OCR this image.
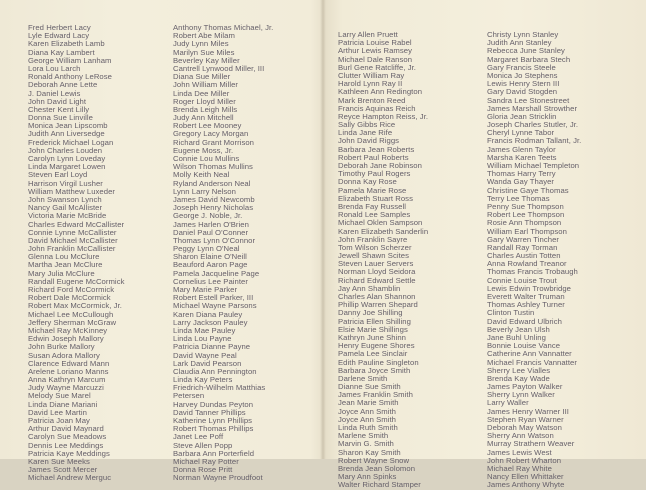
Fred Herbert Lacy
Lyle Edward Lacy
Karen Elizabeth Lamb
Diana Kay Lambert
George William Lanham
Lora Lou Larch
Ronald Anthony LeRose
Deborah Anne Lette
J. Daniel Lewis
John David Light
Chester Kent Lilly
Donna Sue Linville
Monica Jean Lipscomb
Judith Ann Liversedge
Frederick Michael Logan
John Charles Louden
Carolyn Lynn Loveday
Linda Margaret Lowen
Steven Earl Loyd
Harrison Virgil Lusher
William Matthew Luxeder
John Swanson Lynch
Nancy Gail McAllister
Victoria Marie McBride
Charles Edward McCallister
Connie Lynne McCallister
David Michael McCallister
John Franklin McCallister
Glenna Lou McClure
Martha Jean McClure
Mary Julia McClure
Randall Eugene McCormick
Richard Ford McCormick
Robert Dale McCormick
Robert Max McCormick, Jr.
Michael Lee McCullough
Jeffery Sherman McGraw
Michael Ray McKinney
Edwin Joseph Mallory
John Burke Mallory
Susan Adora Mallory
Clarence Edward Mann
Arelene Loriano Manns
Anna Kathryn Marcum
Judy Wayne Marcuzzi
Melody Sue Marel
Linda Diane Mariani
David Lee Martin
Patricia Joan May
Arthur David Maynard
Carolyn Sue Meadows
Dennis Lee Meddings
Patricia Kaye Meddings
Karen Sue Meeks
James Scott Mercer
Michael Andrew Merguc
Anthony Thomas Michael, Jr.
Robert Abe Milam
Judy Lynn Miles
Marilyn Sue Miles
Beverley Kay Miller
Cantrell Lynwood Miller, III
Diana Sue Miller
John William Miller
Linda Dee Miller
Roger Lloyd Miller
Brenda Leigh Mills
Judy Ann Mitchell
Robert Lee Mooney
Gregory Lacy Morgan
Richard Grant Morrison
Eugene Moss, Jr.
Connie Lou Mullins
Wilson Thomas Mullins
Molly Keith Neal
Ryland Anderson Neal
Lynn Larry Nelson
James David Newcomb
Joseph Henry Nicholas
George J. Noble, Jr.
James Harlen O'Brien
Daniel Paul O'Conner
Thomas Lynn O'Connor
Peggy Lynn O'Neal
Sharon Elaine O'Neill
Beauford Aaron Page
Pamela Jacqueline Page
Cornelius Lee Painter
Mary Marie Parker
Robert Estell Parker, III
Michael Wayne Parsons
Karen Diana Pauley
Larry Jackson Pauley
Linda Mae Pauley
Linda Lou Payne
Patricia Dianne Payne
David Wayne Peal
Lark David Pearson
Claudia Ann Pennington
Linda Kay Peters
Friedrich-Wilhelm Matthias
Petersen
Harvey Dundas Peyton
David Tanner Phillips
Katherine Lynn Phillips
Robert Thomas Phillips
Janet Lee Poff
Steve Allen Popp
Barbara Ann Porterfield
Michael Ray Potter
Donna Rose Pritt
Norman Wayne Proudfoot
Larry Allen Pruett
Patricia Louise Rabel
Arthur Lewis Ramsey
Michael Dale Ranson
Burl Gene Ratcliffe, Jr.
Clutter William Ray
Harold Lynn Ray II
Kathleen Ann Redington
Mark Brenton Reed
Francis Aquinas Reich
Reyce Hampton Reiss, Jr.
Sally Gibbs Rice
Linda Jane Rife
John David Riggs
Barbara Jean Roberts
Robert Paul Roberts
Deborah Jane Robinson
Timothy Paul Rogers
Donna Kay Rose
Pamela Marie Rose
Elizabeth Stuart Ross
Brenda Fay Russell
Ronald Lee Samples
Michael Oklen Sampson
Karen Elizabeth Sanderlin
John Franklin Sayre
Tom Wilson Scherzer
Jewell Shawn Scites
Steven Lauer Servers
Norman Lloyd Seidora
Richard Edward Settle
Jay Ann Shamblin
Charles Alan Shannon
Phillip Warren Shepard
Danny Joe Shilling
Patricia Ellen Shilling
Elsie Marie Shillings
Kathryn June Shinn
Henry Eugene Shores
Pamela Lee Sinclair
Edith Pauline Singleton
Barbara Joyce Smith
Darlene Smith
Dianne Sue Smith
James Franklin Smith
Jean Marie Smith
Joyce Ann Smith
Joyce Ann Smith
Linda Ruth Smith
Marlene Smith
Marvin G. Smith
Sharon Kay Smith
Robert Wayne Snow
Brenda Jean Solomon
Mary Ann Spinks
Walter Richard Stamper
Christy Lynn Stanley
Judith Ann Stanley
Rebecca June Stanley
Margaret Barbara Stech
Gary Francis Steele
Monica Jo Stephens
Lewis Henry Stern III
Gary David Stogden
Sandra Lee Stonestreet
James Marshall Strowther
Gloria Jean Stricklin
Joseph Charles Stutler, Jr.
Cheryl Lynne Tabor
Francis Rodman Tallant, Jr.
James Glenn Taylor
Marsha Karen Teets
William Michael Templeton
Thomas Harry Terry
Wanda Gay Thayer
Christine Gaye Thomas
Terry Lee Thomas
Penny Sue Thompson
Robert Lee Thompson
Rosie Ann Thompson
William Earl Thompson
Gary Warren Tincher
Randall Ray Torman
Charles Austin Totten
Anna Rowland Treanor
Thomas Francis Trobaugh
Connie Louise Trout
Lewis Edwin Trowbridge
Everett Walter Truman
Thomas Ashley Turner
Clinton Tustin
David Edward Ulbrich
Beverly Jean Ulsh
Jane Buhl Unling
Bonnie Louise Vance
Catherine Ann Vannatter
Michael Francis Vannatter
Sherry Lee Vialles
Brenda Kay Wade
James Payton Walker
Sherry Lynn Walker
Larry Waller
James Henry Warner III
Stephen Ryan Warner
Deborah May Watson
Sherry Ann Watson
Murray Strathern Weaver
James Lewis West
John Robert Wharton
Michael Ray White
Nancy Ellen Whittaker
James Anthony Whyte
